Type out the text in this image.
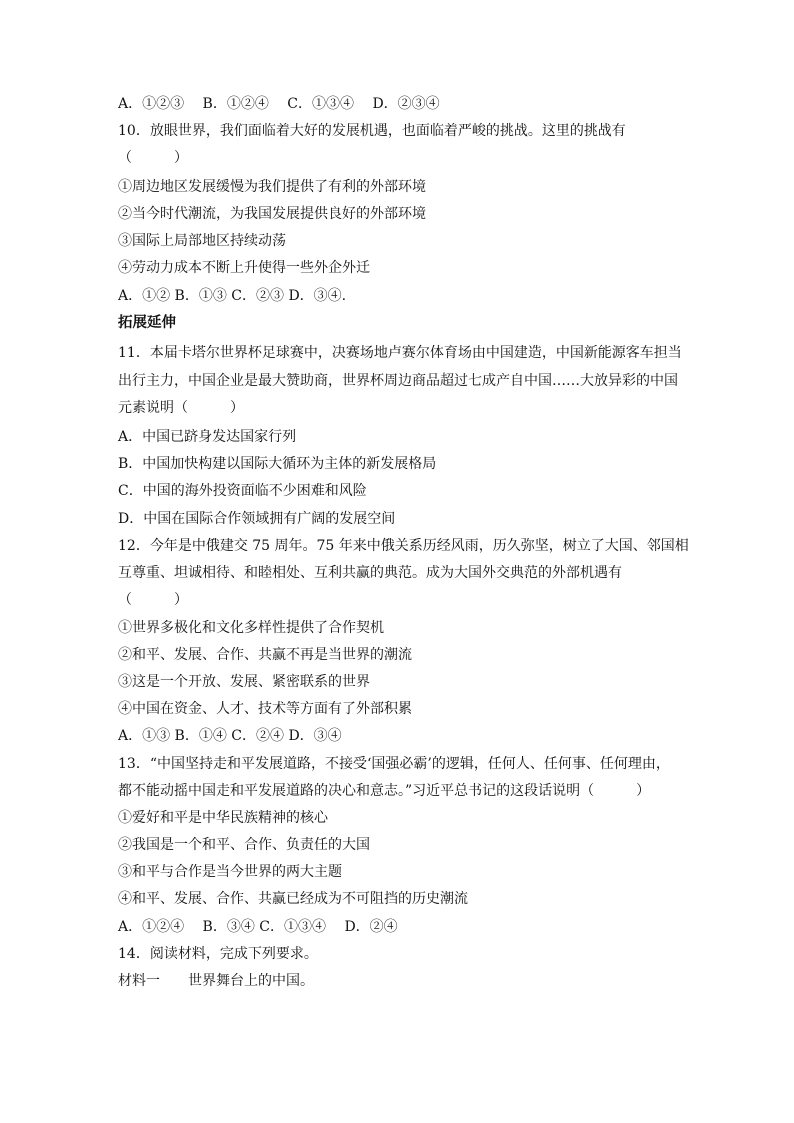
A．①②③　 B．①②④　 C．①③④　 D．②③④
10．放眼世界，我们面临着大好的发展机遇，也面临着严峻的挑战。这里的挑战有
（　　　）
①周边地区发展缓慢为我们提供了有利的外部环境
②当今时代潮流，为我国发展提供良好的外部环境
③国际上局部地区持续动荡
④劳动力成本不断上升使得一些外企外迁
A．①② B．①③ C．②③ D．③④.
拓展延伸
11．本届卡塔尔世界杯足球赛中，决赛场地卢赛尔体育场由中国建造，中国新能源客车担当
出行主力，中国企业是最大赞助商，世界杯周边商品超过七成产自中国……大放异彩的中国
元素说明（　　　）
A．中国已跻身发达国家行列
B．中国加快构建以国际大循环为主体的新发展格局
C．中国的海外投资面临不少困难和风险
D．中国在国际合作领域拥有广阔的发展空间
12．今年是中俄建交 75 周年。75 年来中俄关系历经风雨，历久弥坚，树立了大国、邻国相
互尊重、坦诚相待、和睦相处、互利共赢的典范。成为大国外交典范的外部机遇有
（　　　）
①世界多极化和文化多样性提供了合作契机
②和平、发展、合作、共赢不再是当世界的潮流
③这是一个开放、发展、紧密联系的世界
④中国在资金、人才、技术等方面有了外部积累
A．①③ B．①④ C．②④ D．③④
13．“中国坚持走和平发展道路，不接受‘国强必霸’的逻辑，任何人、任何事、任何理由，
都不能动摇中国走和平发展道路的决心和意志。”习近平总书记的这段话说明（　　　）
①爱好和平是中华民族精神的核心
②我国是一个和平、合作、负责任的大国
③和平与合作是当今世界的两大主题
④和平、发展、合作、共赢已经成为不可阻挡的历史潮流
A．①②④　 B．③④ C．①③④　 D．②④
14．阅读材料，完成下列要求。
材料一　　世界舞台上的中国。
